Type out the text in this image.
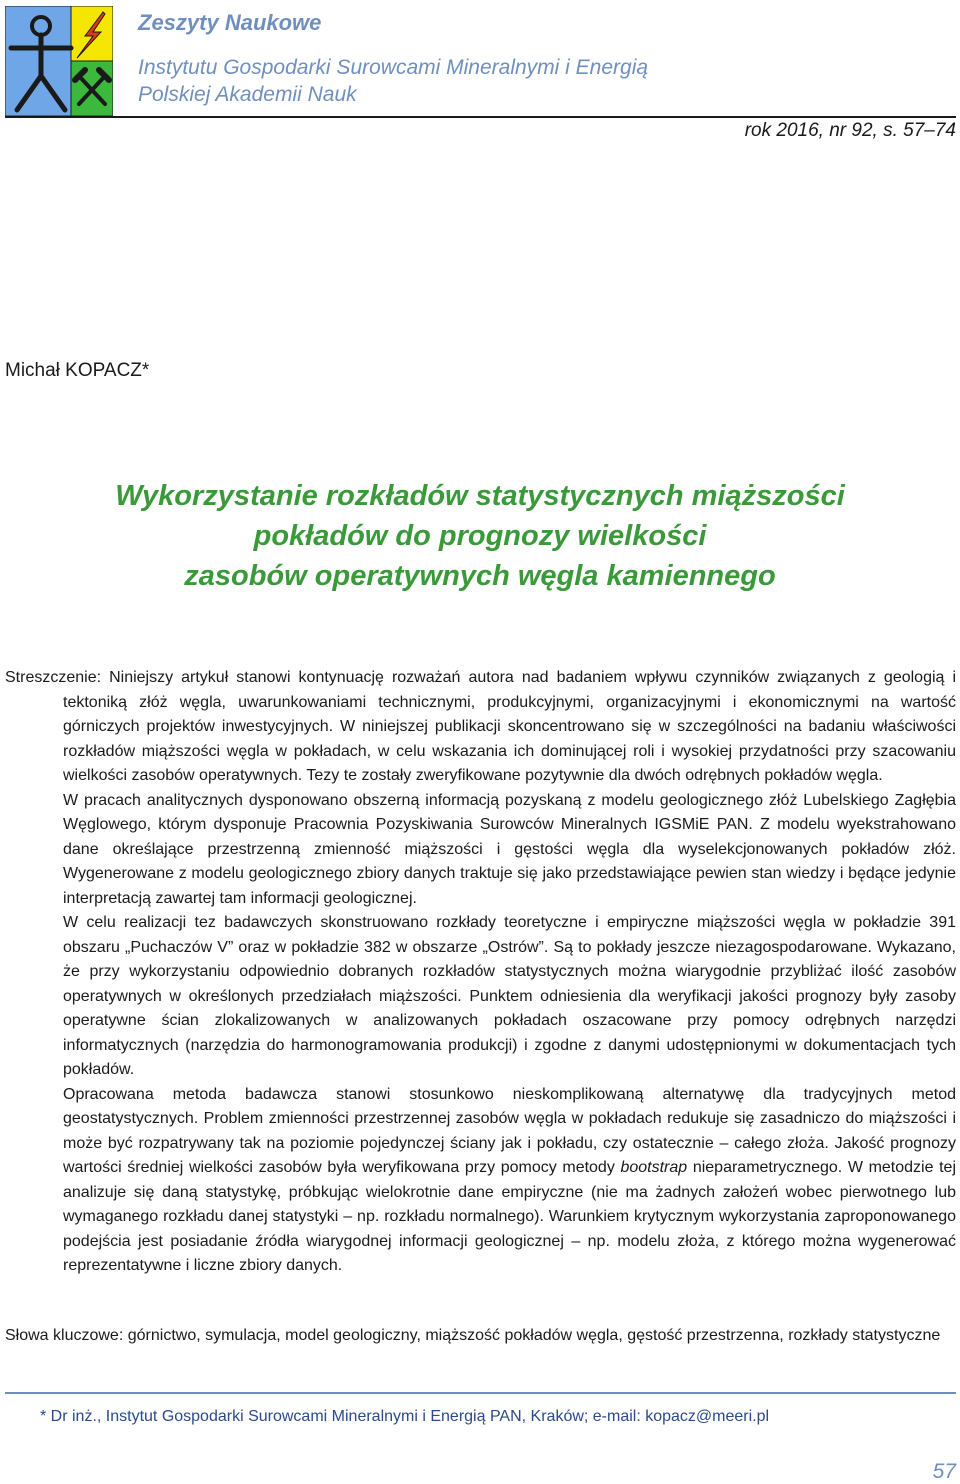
Zeszyty Naukowe
Instytutu Gospodarki Surowcami Mineralnymi i Energią
Polskiej Akademii Nauk
rok 2016, nr 92, s. 57–74
Michał KOPACZ*
Wykorzystanie rozkładów statystycznych miąższości
pokładów do prognozy wielkości
zasobów operatywnych węgla kamiennego

Streszczenie: Niniejszy artykuł stanowi kontynuację rozważań autora nad badaniem wpływu czynników związanych z geologią i tektoniką złóż węgla, uwarunkowaniami technicznymi, produkcyjnymi, organizacyjnymi i ekonomicznymi na wartość górniczych projektów inwestycyjnych. W niniejszej publikacji skoncentrowano się w szczególności na badaniu właściwości rozkładów miąższości węgla w pokładach, w celu wskazania ich dominującej roli i wysokiej przydatności przy szacowaniu wielkości zasobów operatywnych. Tezy te zostały zweryfikowane pozytywnie dla dwóch odrębnych pokładów węgla.

W pracach analitycznych dysponowano obszerną informacją pozyskaną z modelu geologicznego złóż Lubelskiego Zagłębia Węglowego, którym dysponuje Pracownia Pozyskiwania Surowców Mineralnych IGSMiE PAN. Z modelu wyekstrahowano dane określające przestrzenną zmienność miąższości i gęstości węgla dla wyselekcjonowanych pokładów złóż. Wygenerowane z modelu geologicznego zbiory danych traktuje się jako przedstawiające pewien stan wiedzy i będące jedynie interpretacją zawartej tam informacji geologicznej.

W celu realizacji tez badawczych skonstruowano rozkłady teoretyczne i empiryczne miąższości węgla w pokładzie 391 obszaru „Puchaczów V” oraz w pokładzie 382 w obszarze „Ostrów”. Są to pokłady jeszcze niezagospodarowane. Wykazano, że przy wykorzystaniu odpowiednio dobranych rozkładów statystycznych można wiarygodnie przybliżać ilość zasobów operatywnych w określonych przedziałach miąższości. Punktem odniesienia dla weryfikacji jakości prognozy były zasoby operatywne ścian zlokalizowanych w analizowanych pokładach oszacowane przy pomocy odrębnych narzędzi informatycznych (narzędzia do harmonogramowania produkcji) i zgodne z danymi udostępnionymi w dokumentacjach tych pokładów.

Opracowana metoda badawcza stanowi stosunkowo nieskomplikowaną alternatywę dla tradycyjnych metod geostatystycznych. Problem zmienności przestrzennej zasobów węgla w pokładach redukuje się zasadniczo do miąższości i może być rozpatrywany tak na poziomie pojedynczej ściany jak i pokładu, czy ostatecznie – całego złoża. Jakość prognozy wartości średniej wielkości zasobów była weryfikowana przy pomocy metody bootstrap nieparametrycznego. W metodzie tej analizuje się daną statystykę, próbkując wielokrotnie dane empiryczne (nie ma żadnych założeń wobec pierwotnego lub wymaganego rozkładu danej statystyki – np. rozkładu normalnego). Warunkiem krytycznym wykorzystania zaproponowanego podejścia jest posiadanie źródła wiarygodnej informacji geologicznej – np. modelu złoża, z którego można wygenerować reprezentatywne i liczne zbiory danych.

Słowa kluczowe: górnictwo, symulacja, model geologiczny, miąższość pokładów węgla, gęstość przestrzenna, rozkłady statystyczne
* Dr inż., Instytut Gospodarki Surowcami Mineralnymi i Energią PAN, Kraków; e-mail: kopacz@meeri.pl
57
